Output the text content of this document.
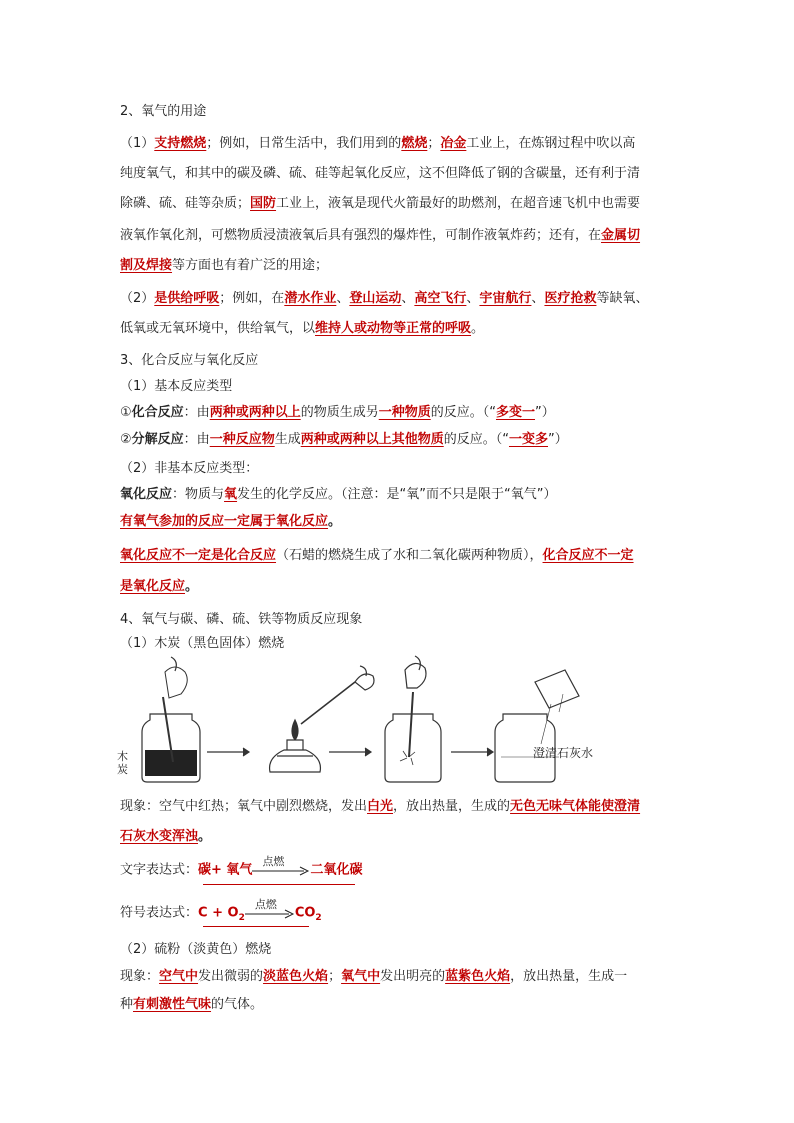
2、氧气的用途
（1）支持燃烧；例如，日常生活中，我们用到的燃烧；冶金工业上，在炼钢过程中吹以高
纯度氧气，和其中的碳及磷、硫、硅等起氧化反应，这不但降低了钢的含碳量，还有利于清
除磷、硫、硅等杂质；国防工业上，液氧是现代火箭最好的助燃剂，在超音速飞机中也需要
液氧作氧化剂，可燃物质浸渍液氧后具有强烈的爆炸性，可制作液氧炸药；还有，在金属切
割及焊接等方面也有着广泛的用途；
（2）是供给呼吸；例如，在潜水作业、登山运动、高空飞行、宇宙航行、医疗抢救等缺氧、
低氧或无氧环境中，供给氧气，以维持人或动物等正常的呼吸。
3、化合反应与氧化反应
（1）基本反应类型
①化合反应：由两种或两种以上的物质生成另一种物质的反应。（“多变一”）
②分解反应：由一种反应物生成两种或两种以上其他物质的反应。（“一变多”）
（2）非基本反应类型：
氧化反应：物质与氧发生的化学反应。（注意：是“氧”而不只是限于“氧气”）
有氧气参加的反应一定属于氧化反应。
氧化反应不一定是化合反应（石蜡的燃烧生成了水和二氧化碳两种物质），化合反应不一定
是氧化反应。
4、氧气与碳、磷、硫、铁等物质反应现象
（1）木炭（黑色固体）燃烧
木炭
澄清石灰水
现象：空气中红热；氧气中剧烈燃烧，发出白光，放出热量，生成的无色无味气体能使澄清
石灰水变浑浊。
文字表达式：碳+ 氧气
点燃
二氧化碳
符号表达式：$C + O_2$
点燃
$CO_2$
（2）硫粉（淡黄色）燃烧
现象：空气中发出微弱的淡蓝色火焰；氧气中发出明亮的蓝紫色火焰，放出热量，生成一
种有刺激性气味的气体。
